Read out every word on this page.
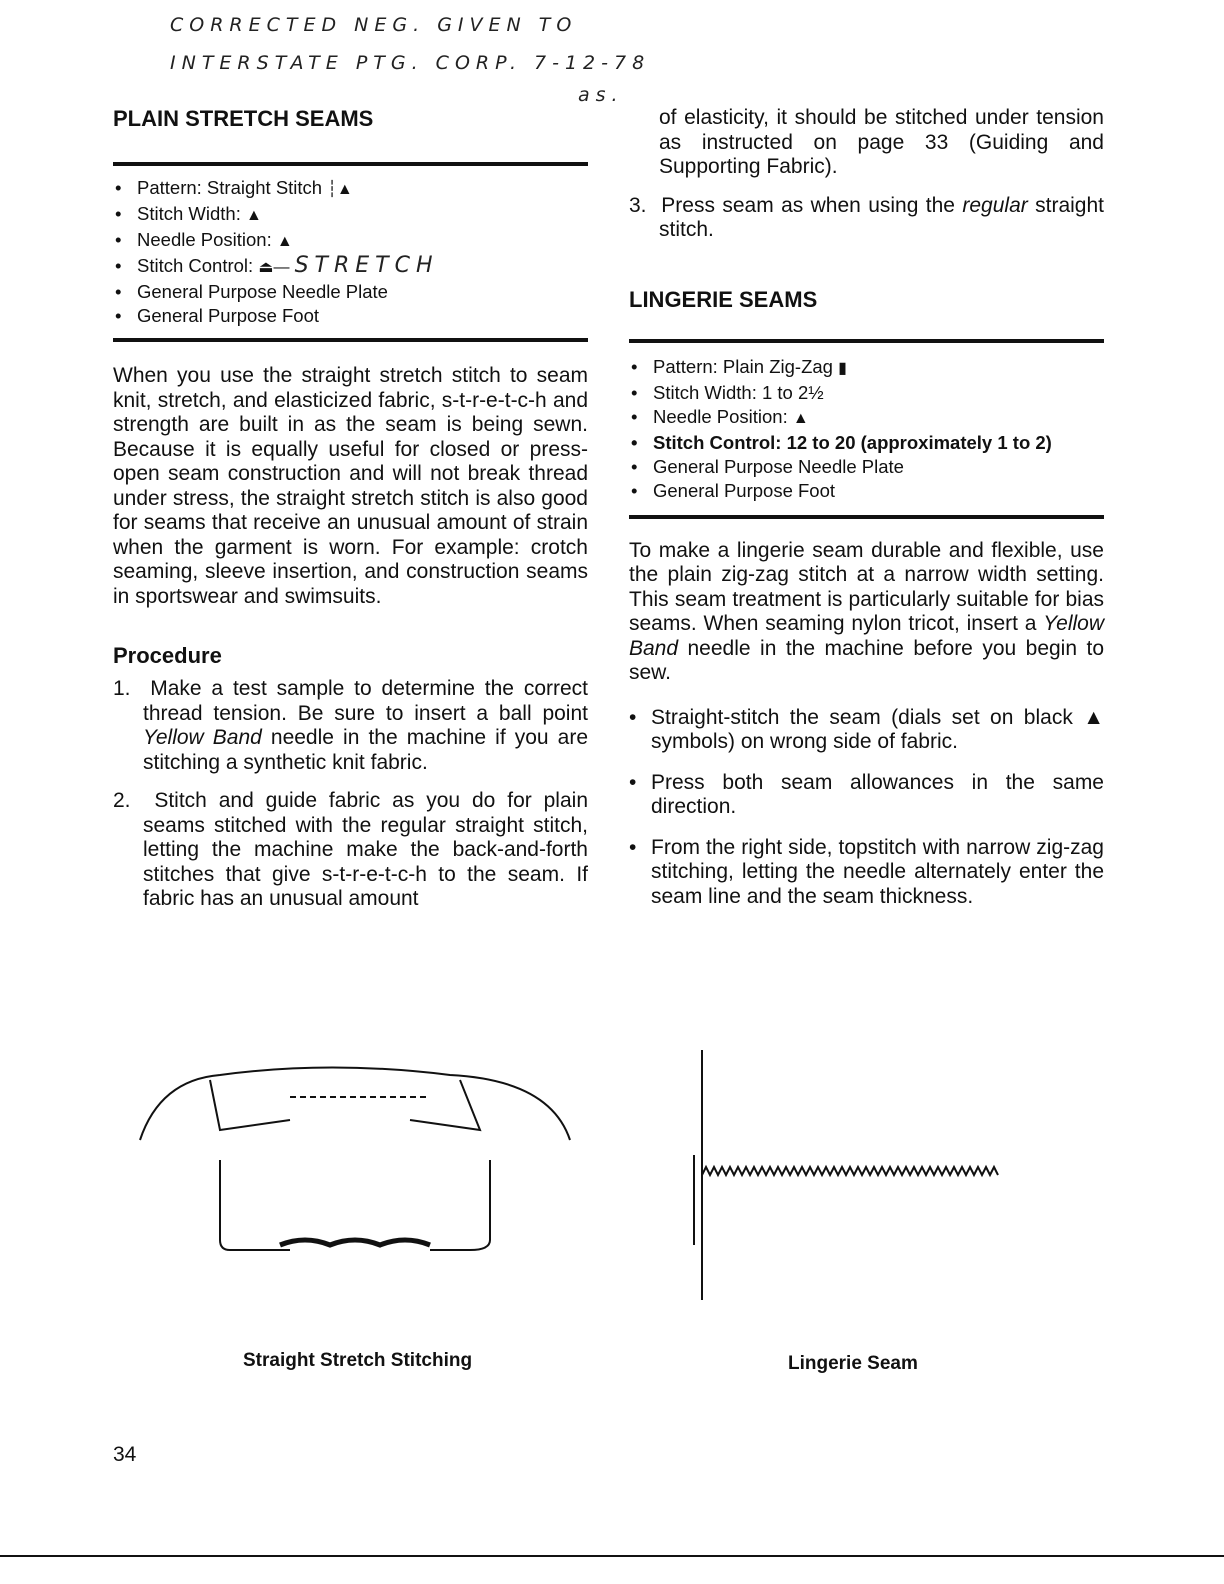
CORRECTED NEG. GIVEN TO
INTERSTATE PTG. CORP. 7-12-78
as.
PLAIN STRETCH SEAMS
• Pattern: Straight Stitch ┆▲
• Stitch Width: ▲
• Needle Position: ▲
• Stitch Control: ⏏— STRETCH
• General Purpose Needle Plate
• General Purpose Foot

When you use the straight stretch stitch to seam knit, stretch, and elasticized fabric, s-t-r-e-t-c-h and strength are built in as the seam is being sewn. Because it is equally useful for closed or press-open seam construction and will not break thread under stress, the straight stretch stitch is also good for seams that receive an unusual amount of strain when the garment is worn. For example: crotch seaming, sleeve insertion, and construction seams in sportswear and swimsuits.

Procedure
1. Make a test sample to determine the correct thread tension. Be sure to insert a ball point Yellow Band needle in the machine if you are stitching a synthetic knit fabric.
2. Stitch and guide fabric as you do for plain seams stitched with the regular straight stitch, letting the machine make the back-and-forth stitches that give s-t-r-e-t-c-h to the seam. If fabric has an unusual amount

of elasticity, it should be stitched under tension as instructed on page 33 (Guiding and Supporting Fabric).

3. Press seam as when using the regular straight stitch.
LINGERIE SEAMS
• Pattern: Plain Zig-Zag ▮
• Stitch Width: 1 to 2½
• Needle Position: ▲
• Stitch Control: 12 to 20 (approximately 1 to 2)
• General Purpose Needle Plate
• General Purpose Foot

To make a lingerie seam durable and flexible, use the plain zig-zag stitch at a narrow width setting. This seam treatment is particularly suitable for bias seams. When seaming nylon tricot, insert a Yellow Band needle in the machine before you begin to sew.

• Straight-stitch the seam (dials set on black ▲ symbols) on wrong side of fabric.
• Press both seam allowances in the same direction.
• From the right side, topstitch with narrow zig-zag stitching, letting the needle alternately enter the seam line and the seam thickness.
Straight Stretch Stitching	Lingerie Seam
34
